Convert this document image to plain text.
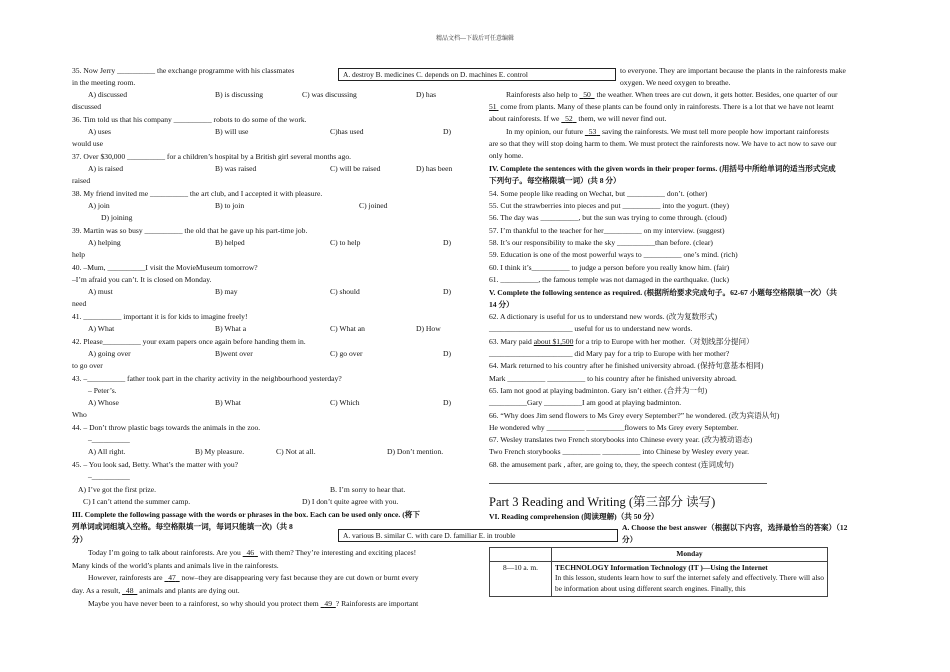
精品文档---下载后可任意编辑
A. destroy B. medicines C. depends on D. machines E. control
35. Now Jerry __________ the exchange programme with his classmates
in the meeting room.
A) discussed	B) is discussing	C) was discussing	D) has
discussed
36. Tim told us that his company __________ robots to do some of the work.
A) uses	B) will use	C)has used	D)
would use
37. Over $30,000 __________ for a children’s hospital by a British girl several months ago.
A) is raised	B) was raised	C) will be raised	D) has been
raised
38. My friend invited me __________ the art club, and I accepted it with pleasure.
A) join	B) to join	C) joined
D) joining
39. Martin was so busy __________ the old that he gave up his part-time job.
A) helping	B) helped	C) to help	D)
help
40. –Mum, __________I visit the MovieMuseum tomorrow?
–I’m afraid you can’t. It is closed on Monday.
A) must	B) may	C) should	D)
need
41. __________ important it is for kids to imagine freely!
A) What	B) What a	C) What an	D) How
42. Please__________ your exam papers once again before handing them in.
A) going over	B)went over	C) go over	D)
to go over
43. –__________ father took part in the charity activity in the neighbourhood yesterday?
– Peter’s.
A) Whose	B) What	C) Which	D)
Who
44. – Don’t throw plastic bags towards the animals in the zoo.
–__________
A) All right.	B) My pleasure.	C) Not at all.	D) Don’t mention.
45. – You look sad, Betty. What’s the matter with you?
–__________
A) I’ve got the first prize.	B. I’m sorry to hear that.
C) I can’t attend the summer camp.	D) I don’t quite agree with you.
III. Complete the following passage with the words or phrases in the box. Each can be used only once. (将下
列单词或词组填入空格。每空格限填一词，每词只能填一次)（共 8
分）	A. various B. similar C. with care D. familiar E. in trouble
Today I’m going to talk about rainforests. Are you   46   with them? They’re interesting and exciting places!
Many kinds of the world’s plants and animals live in the rainforests.
However, rainforests are   47   now–they are disappearing very fast because they are cut down or burnt every
day. As a result,   48   animals and plants are dying out.
Maybe you have never been to a rainforest, so why should you protect them   49 ? Rainforests are important
to everyone. They are important because the plants in the rainforests make
oxygen. We need oxygen to breathe.
Rainforests also help to   50   the weather. When trees are cut down, it gets hotter. Besides, one quarter of our
51  come from plants. Many of these plants can be found only in rainforests. There is a lot that we have not learnt
about rainforests. If we   52   them, we will never find out.
In my opinion, our future   53   saving the rainforests. We must tell more people how important rainforests
are so that they will stop doing harm to them. We must protect the rainforests now. We have to act now to save our
only home.
IV. Complete the sentences with the given words in their proper forms. (用括号中所给单词的适当形式完成
下列句子。每空格限填一词）(共 8 分）
54. Some people like reading on Wechat, but __________ don’t. (other)
55. Cut the strawberries into pieces and put __________ into the yogurt. (they)
56. The day was __________, but the sun was trying to come through. (cloud)
57. I’m thankful to the teacher for her__________ on my interview. (suggest)
58. It’s our responsibility to make the sky __________than before. (clear)
59. Education is one of the most powerful ways to __________ one’s mind. (rich)
60. I think it’s__________ to judge a person before you really know him. (fair)
61. __________, the famous temple was not damaged in the earthquake. (luck)
V. Complete the following sentence as required. (根据所给要求完成句子。62-67 小题每空格限填一次）（共
14 分）
62. A dictionary is useful for us to understand new words. (改为复数形式)
______________________ useful for us to understand new words.
63. Mary paid about $1,500 for a trip to Europe with her mother.（对划线部分提问）
______________________ did Mary pay for a trip to Europe with her mother?
64. Mark returned to his country after he finished university abroad. (保持句意基本相同)
Mark __________ __________ to his country after he finished university abroad.
65. Iam not good at playing badminton. Gary isn’t either. (合并为一句)
__________Gary __________I am good at playing badminton.
66. “Why does Jim send flowers to Ms Grey every September?” he wondered. (改为宾语从句)
He wondered why __________ __________flowers to Ms Grey every September.
67. Wesley translates two French storybooks into Chinese every year. (改为被动语态)
Two French storybooks __________ __________ into Chinese by Wesley every year.
68. the amusement park , after, are going to, they, the speech contest (连词成句)
Part 3 Reading and Writing (第三部分 读写)
VI. Reading comprehension (阅读理解)（共 50 分）
A. Choose the best answer（根据以下内容，选择最恰当的答案）（12
分）
	Monday
8—10 a. m.	TECHNOLOGY Information Technology (IT )—Using the Internet
In this lesson, students learn how to surf the internet safely and effectively. There will also be information about using different search engines. Finally, this
